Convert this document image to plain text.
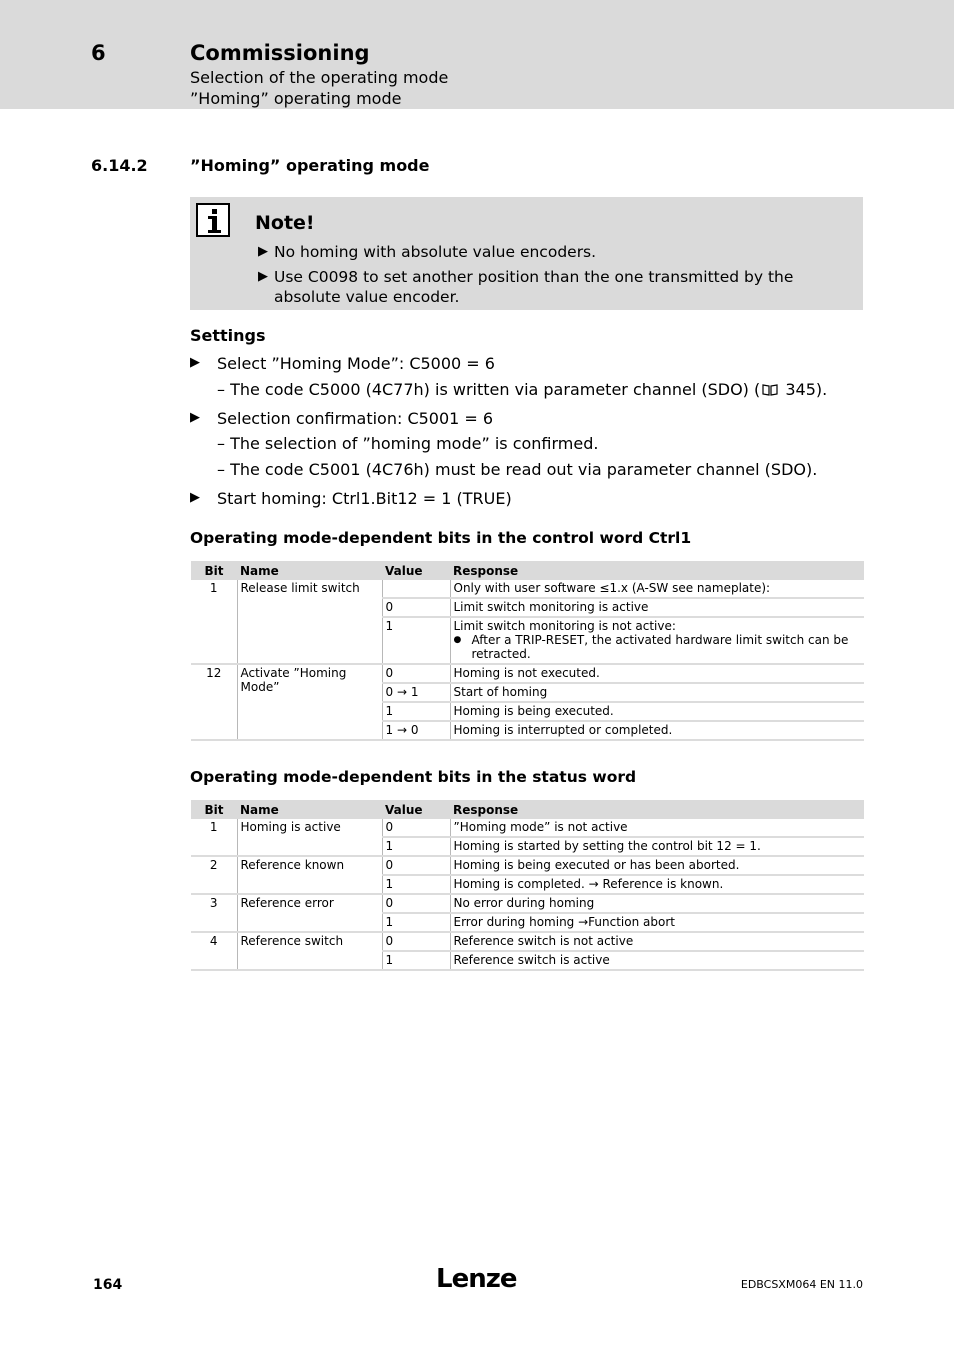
6	Commissioning
Selection of the operating mode
”Homing” operating mode
6.14.2	”Homing” operating mode
Note!
▶ No homing with absolute value encoders.
▶ Use C0098 to set another position than the one transmitted by the absolute value encoder.
Settings
▶ Select ”Homing Mode”: C5000 = 6
– The code C5000 (4C77h) is written via parameter channel (SDO) ( 345).
▶ Selection confirmation: C5001 = 6
– The selection of ”homing mode” is confirmed.
– The code C5001 (4C76h) must be read out via parameter channel (SDO).
▶ Start homing: Ctrl1.Bit12 = 1 (TRUE)
Operating mode-dependent bits in the control word Ctrl1
Bit	Name	Value	Response
1	Release limit switch		Only with user software ≤1.x (A-SW see nameplate):
		0	Limit switch monitoring is active
		1	Limit switch monitoring is not active:
● After a TRIP-RESET, the activated hardware limit switch can be retracted.

12	Activate ”Homing Mode”	0	Homing is not executed.
		0 → 1	Start of homing
		1	Homing is being executed.
		1 → 0	Homing is interrupted or completed.
Operating mode-dependent bits in the status word
Bit	Name	Value	Response
1	Homing is active	0	”Homing mode” is not active
		1	Homing is started by setting the control bit 12 = 1.
2	Reference known	0	Homing is being executed or has been aborted.
		1	Homing is completed. → Reference is known.
3	Reference error	0	No error during homing
		1	Error during homing →Function abort
4	Reference switch	0	Reference switch is not active
		1	Reference switch is active
164	Lenze	EDBCSXM064 EN 11.0
